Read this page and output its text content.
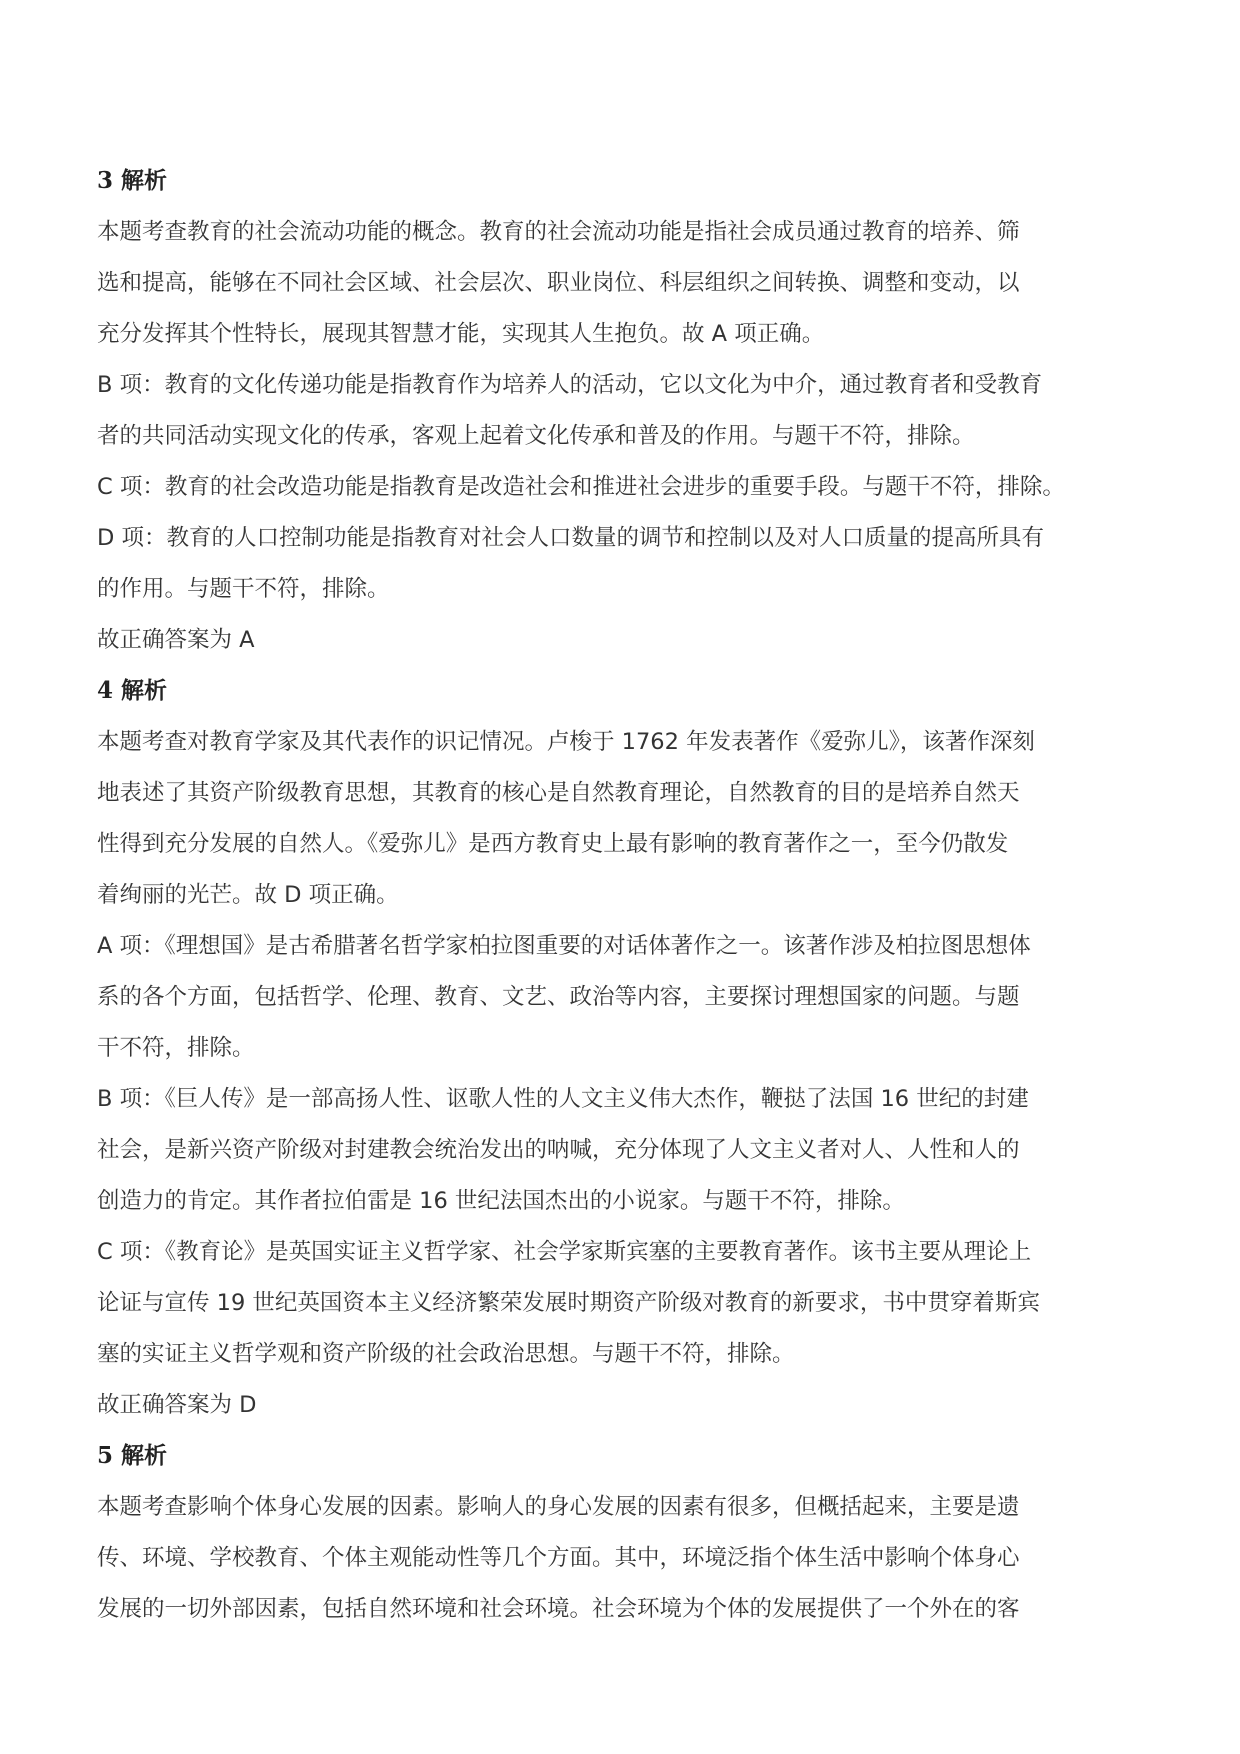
3 解析
本题考查教育的社会流动功能的概念。教育的社会流动功能是指社会成员通过教育的培养、筛
选和提高，能够在不同社会区域、社会层次、职业岗位、科层组织之间转换、调整和变动，以
充分发挥其个性特长，展现其智慧才能，实现其人生抱负。故 A 项正确。
B 项：教育的文化传递功能是指教育作为培养人的活动，它以文化为中介，通过教育者和受教育
者的共同活动实现文化的传承，客观上起着文化传承和普及的作用。与题干不符，排除。
C 项：教育的社会改造功能是指教育是改造社会和推进社会进步的重要手段。与题干不符，排除。
D 项：教育的人口控制功能是指教育对社会人口数量的调节和控制以及对人口质量的提高所具有
的作用。与题干不符，排除。
故正确答案为 A
4 解析
本题考查对教育学家及其代表作的识记情况。卢梭于 1762 年发表著作《爱弥儿》，该著作深刻
地表述了其资产阶级教育思想，其教育的核心是自然教育理论，自然教育的目的是培养自然天
性得到充分发展的自然人。《爱弥儿》是西方教育史上最有影响的教育著作之一，至今仍散发
着绚丽的光芒。故 D 项正确。
A 项：《理想国》是古希腊著名哲学家柏拉图重要的对话体著作之一。该著作涉及柏拉图思想体
系的各个方面，包括哲学、伦理、教育、文艺、政治等内容，主要探讨理想国家的问题。与题
干不符，排除。
B 项：《巨人传》是一部高扬人性、讴歌人性的人文主义伟大杰作，鞭挞了法国 16 世纪的封建
社会，是新兴资产阶级对封建教会统治发出的呐喊，充分体现了人文主义者对人、人性和人的
创造力的肯定。其作者拉伯雷是 16 世纪法国杰出的小说家。与题干不符，排除。
C 项：《教育论》是英国实证主义哲学家、社会学家斯宾塞的主要教育著作。该书主要从理论上
论证与宣传 19 世纪英国资本主义经济繁荣发展时期资产阶级对教育的新要求，书中贯穿着斯宾
塞的实证主义哲学观和资产阶级的社会政治思想。与题干不符，排除。
故正确答案为 D
5 解析
本题考查影响个体身心发展的因素。影响人的身心发展的因素有很多，但概括起来，主要是遗
传、环境、学校教育、个体主观能动性等几个方面。其中，环境泛指个体生活中影响个体身心
发展的一切外部因素，包括自然环境和社会环境。社会环境为个体的发展提供了一个外在的客
